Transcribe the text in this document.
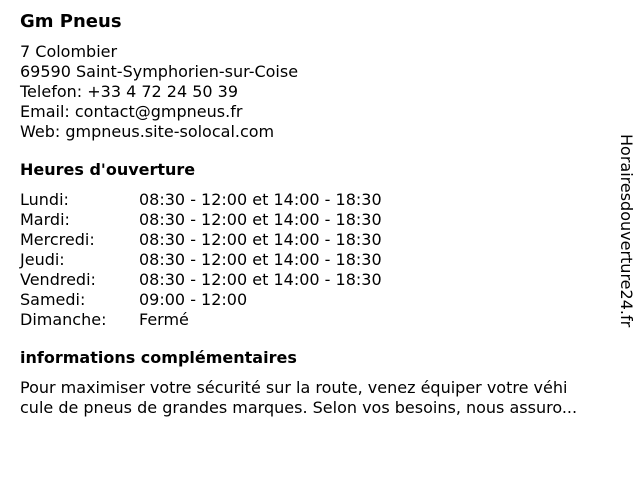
Gm Pneus
7 Colombier
69590 Saint-Symphorien-sur-Coise
Telefon: +33 4 72 24 50 39
Email: contact@gmpneus.fr
Web: gmpneus.site-solocal.com
Heures d'ouverture
Lundi:	08:30 - 12:00 et 14:00 - 18:30
Mardi:	08:30 - 12:00 et 14:00 - 18:30
Mercredi:	08:30 - 12:00 et 14:00 - 18:30
Jeudi:	08:30 - 12:00 et 14:00 - 18:30
Vendredi:	08:30 - 12:00 et 14:00 - 18:30
Samedi:	09:00 - 12:00
Dimanche:	Fermé
informations complémentaires
Pour maximiser votre sécurité sur la route, venez équiper votre véhi
cule de pneus de grandes marques. Selon vos besoins, nous assuro...
Horairesdouverture24.fr
